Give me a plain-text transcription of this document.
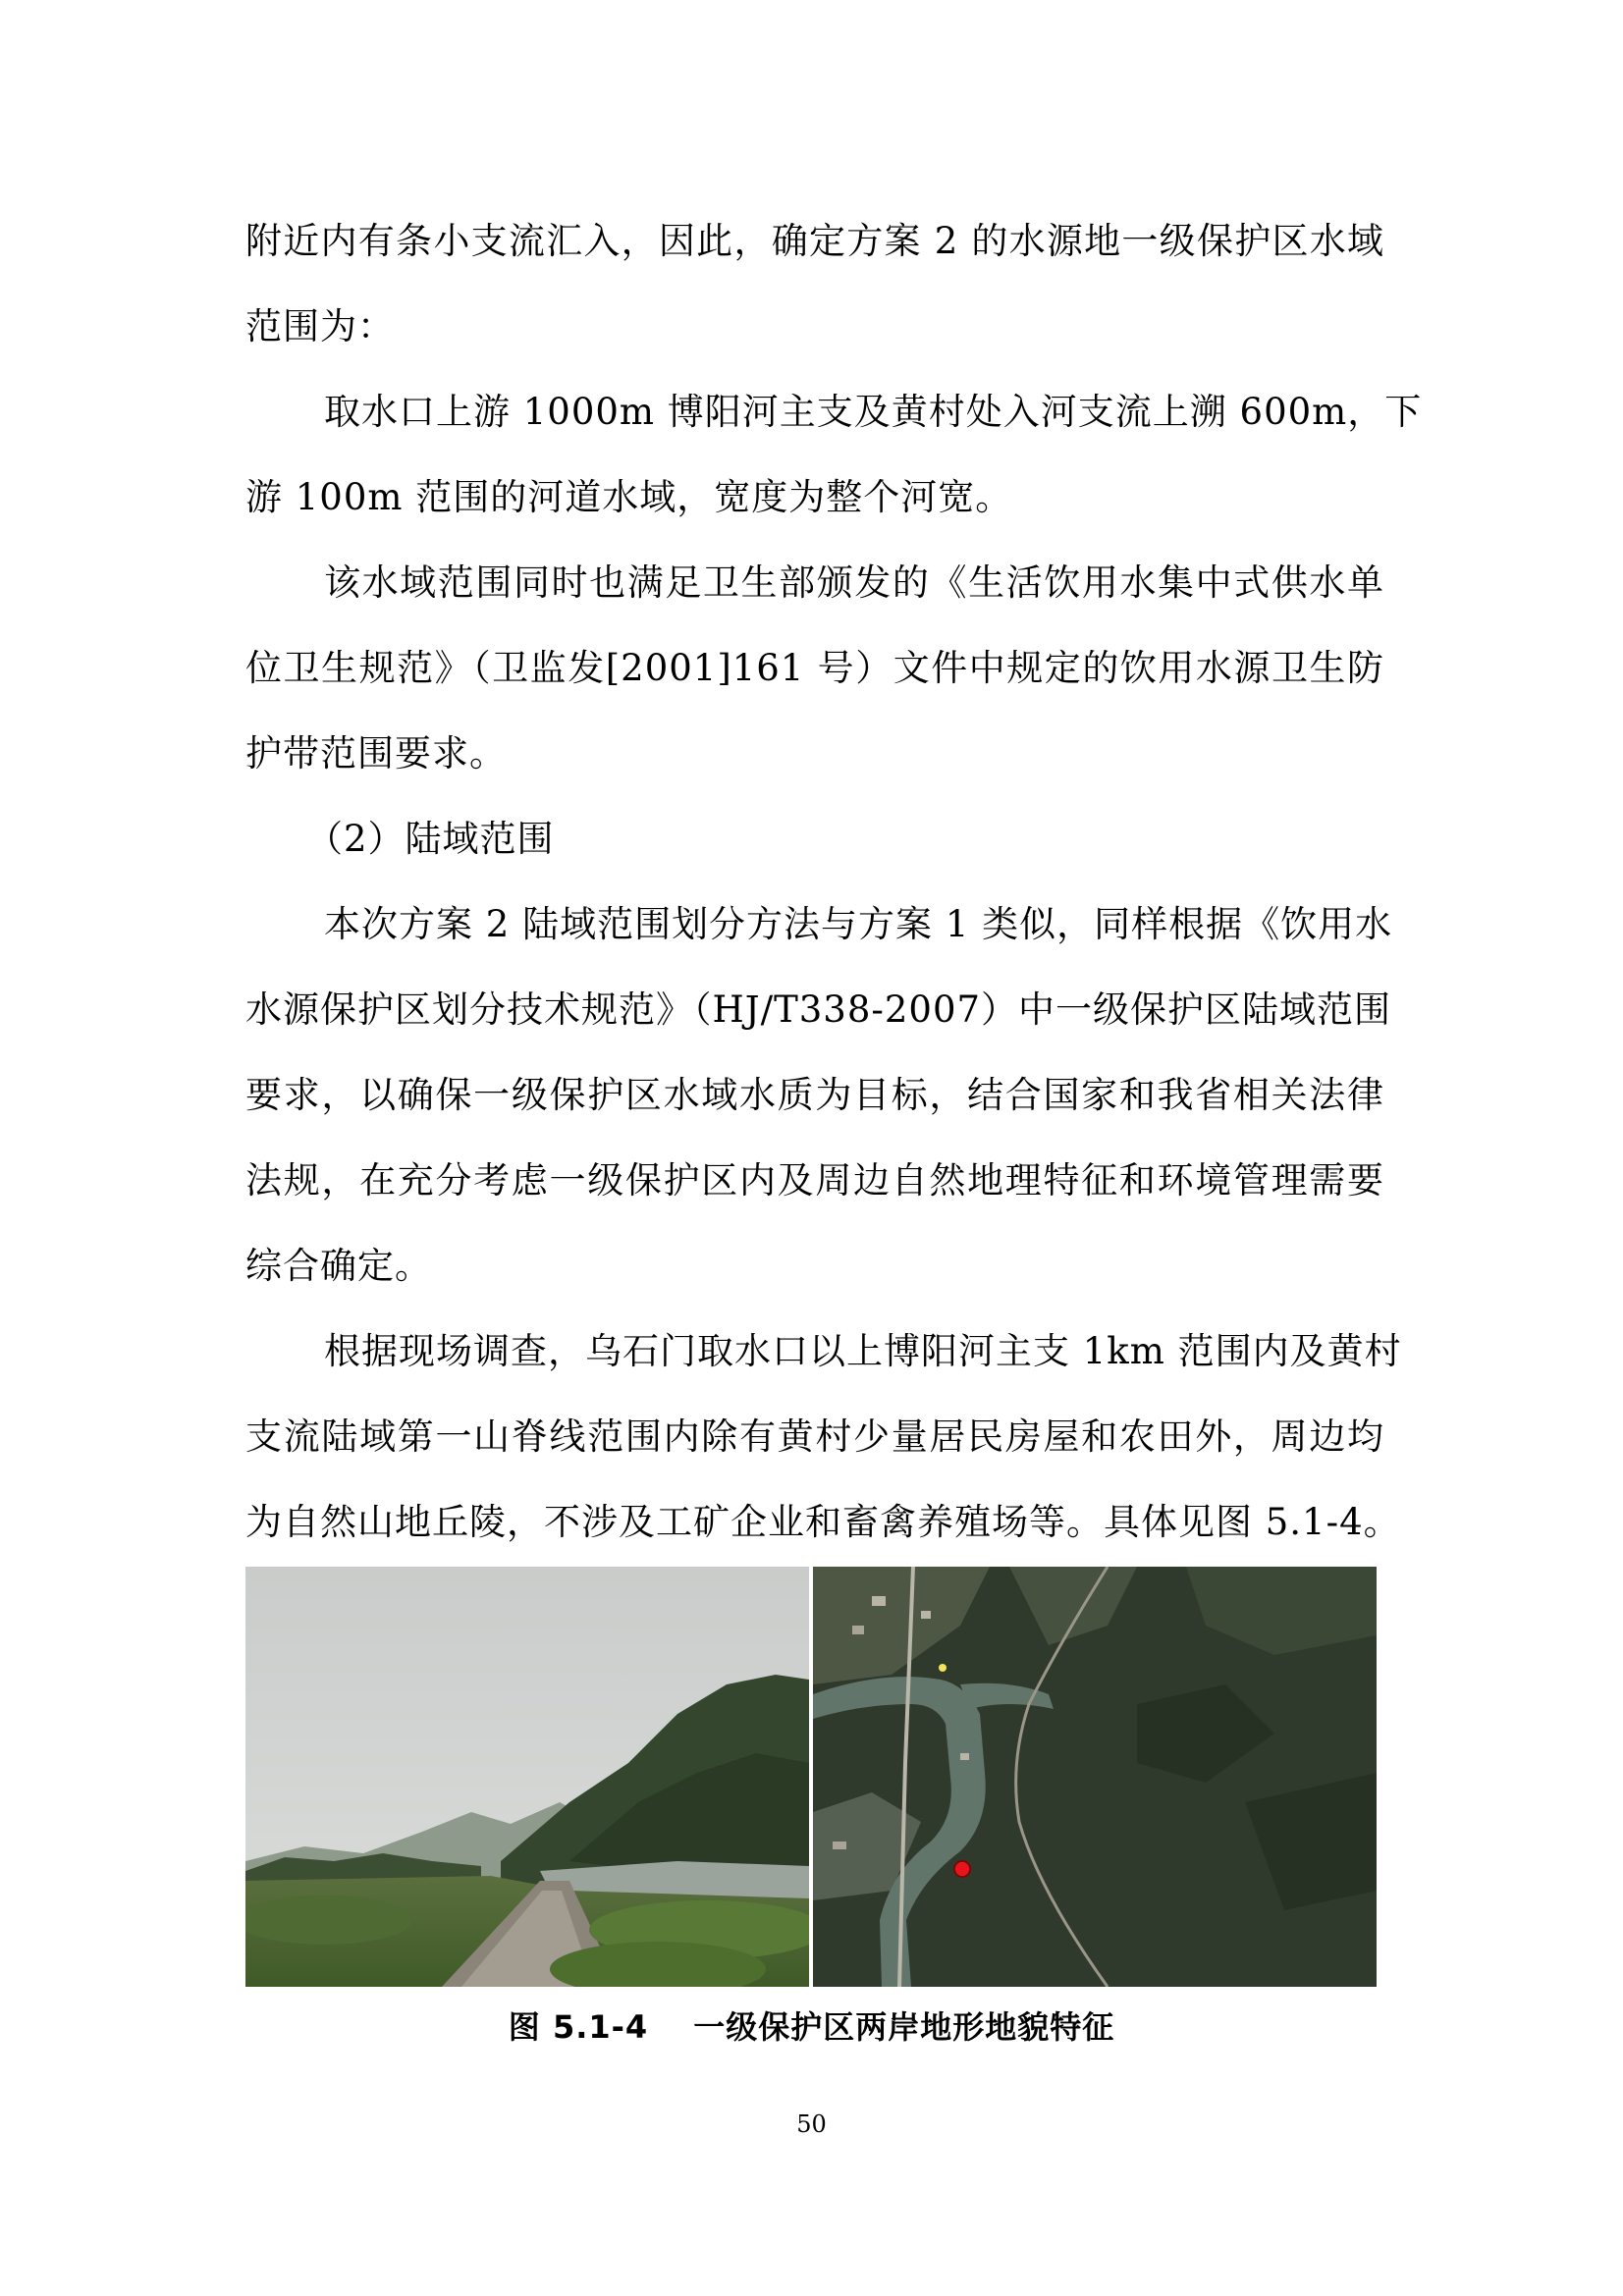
附近内有条小支流汇入，因此，确定方案 2 的水源地一级保护区水域
范围为：
取水口上游 1000m 博阳河主支及黄村处入河支流上溯 600m，下
游 100m 范围的河道水域，宽度为整个河宽。
该水域范围同时也满足卫生部颁发的《生活饮用水集中式供水单
位卫生规范》（卫监发[2001]161 号）文件中规定的饮用水源卫生防
护带范围要求。
（2）陆域范围
本次方案 2 陆域范围划分方法与方案 1 类似，同样根据《饮用水
水源保护区划分技术规范》（HJ/T338-2007）中一级保护区陆域范围
要求，以确保一级保护区水域水质为目标，结合国家和我省相关法律
法规，在充分考虑一级保护区内及周边自然地理特征和环境管理需要
综合确定。
根据现场调查，乌石门取水口以上博阳河主支 1km 范围内及黄村
支流陆域第一山脊线范围内除有黄村少量居民房屋和农田外，周边均
为自然山地丘陵，不涉及工矿企业和畜禽养殖场等。具体见图 5.1-4。
图 5.1-4 一级保护区两岸地形地貌特征
50
